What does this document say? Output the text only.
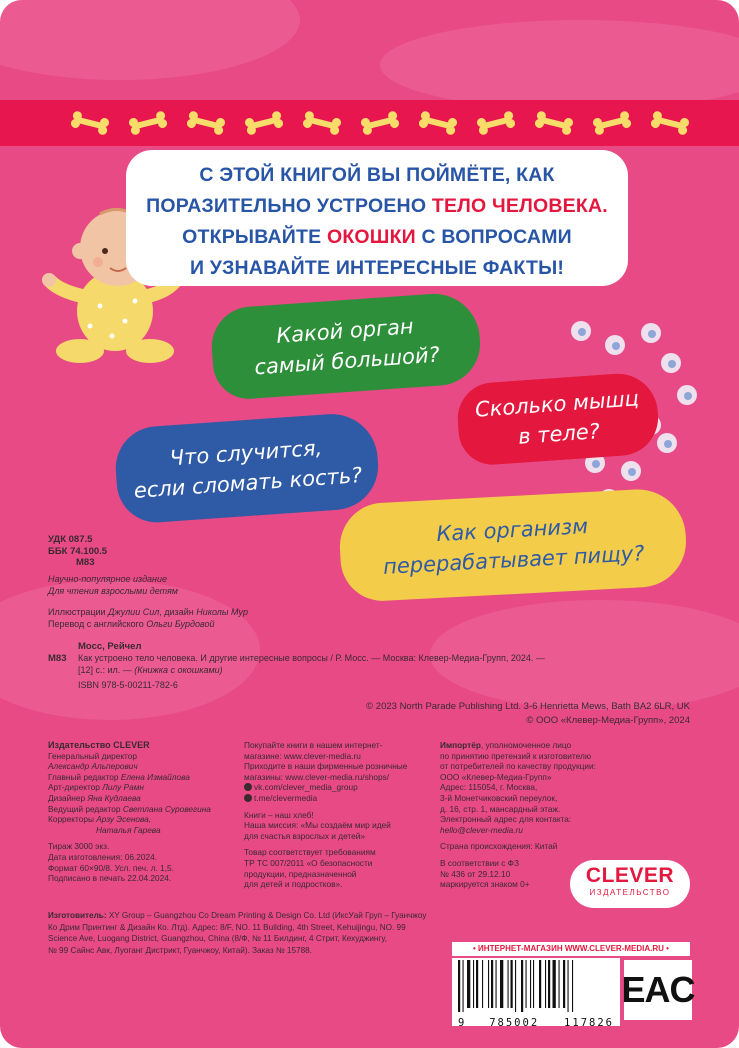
С ЭТОЙ КНИГОЙ ВЫ ПОЙМЁТЕ, КАК
ПОРАЗИТЕЛЬНО УСТРОЕНО ТЕЛО ЧЕЛОВЕКА.
ОТКРЫВАЙТЕ ОКОШКИ С ВОПРОСАМИ
И УЗНАВАЙТЕ ИНТЕРЕСНЫЕ ФАКТЫ!
Какой орган
самый большой?
Сколько мышц
в теле?
Что случится,
если сломать кость?
Как организм
перерабатывает пищу?
УДК 087.5
ББК 74.100.5
М83
Научно-популярное издание
Для чтения взрослыми детям
Иллюстрации Джулии Сил, дизайн Николы Мур
Перевод с английского Ольги Бурдовой
Мосс, Рейчел
М83 Как устроено тело человека. И другие интересные вопросы / Р. Мосс. — Москва: Клевер-Медиа-Групп, 2024. —
[12] с.: ил. — (Книжка с окошками)
ISBN 978-5-00211-782-6
© 2023 North Parade Publishing Ltd. 3-6 Henrietta Mews, Bath BA2 6LR, UK
© ООО «Клевер-Медиа-Групп», 2024
Издательство CLEVER
Генеральный директор
Александр Альперович
Главный редактор Елена Измайлова
Арт-директор Лилу Рамн
Дизайнер Яна Кудлаева
Ведущий редактор Светлана Суровегина
Корректоры Арзу Эсенова,
Наталья Гарева
Тираж 3000 экз.
Дата изготовления: 06.2024.
Формат 60×90/8. Усл. печ. л. 1,5.
Подписано в печать 22.04.2024.
Покупайте книги в нашем интернет-
магазине: www.clever-media.ru
Приходите в наши фирменные розничные
магазины: www.clever-media.ru/shops/
vk.com/clever_media_group
t.me/clevermedia
Книги – наш хлеб!
Наша миссия: «Мы создаём мир идей
для счастья взрослых и детей»
Товар соответствует требованиям
ТР ТС 007/2011 «О безопасности
продукции, предназначенной
для детей и подростков».
Импортёр, уполномоченное лицо
по принятию претензий к изготовителю
от потребителей по качеству продукции:
ООО «Клевер-Медиа-Групп»
Адрес: 115054, г. Москва,
3-й Монетчиковский переулок,
д. 16, стр. 1, мансардный этаж.
Электронный адрес для контакта:
hello@clever-media.ru
Страна происхождения: Китай
В соответствии с ФЗ
№ 436 от 29.12.10
маркируется знаком 0+
Изготовитель: XY Group – Guangzhou Co Dream Printing & Design Co. Ltd (ИксУай Груп – Гуанчжоу
Ко Дрим Принтинг & Дизайн Ко. Лтд). Адрес: 8/F, NO. 11 Building, 4th Street, Kehuijingu, NO. 99
Science Ave, Luogang District, Guangzhou, China (8/Ф, № 11 Билдинг, 4 Стрит, Кехуджингу,
№ 99 Сайнс Авк, Луоганг Дистрикт, Гуанчжоу, Китай). Заказ № 15788.
CLEVER
ИЗДАТЕЛЬСТВО
• ИНТЕРНЕТ-МАГАЗИН WWW.CLEVER-MEDIA.RU •
9 785002 117826
EAC
